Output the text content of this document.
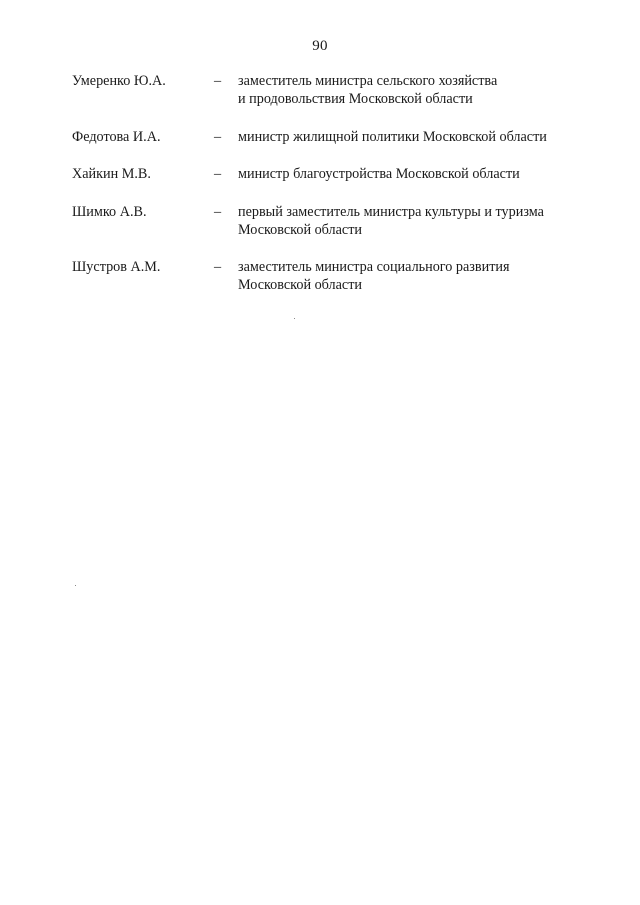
90
Умеренко Ю.А.	–	заместитель министра сельского хозяйства
и продовольствия Московской области
Федотова И.А.	–	министр жилищной политики Московской области
Хайкин М.В.	–	министр благоустройства Московской области
Шимко А.В.	–	первый заместитель министра культуры и туризма
Московской области
Шустров А.М.	–	заместитель министра социального развития
Московской области
